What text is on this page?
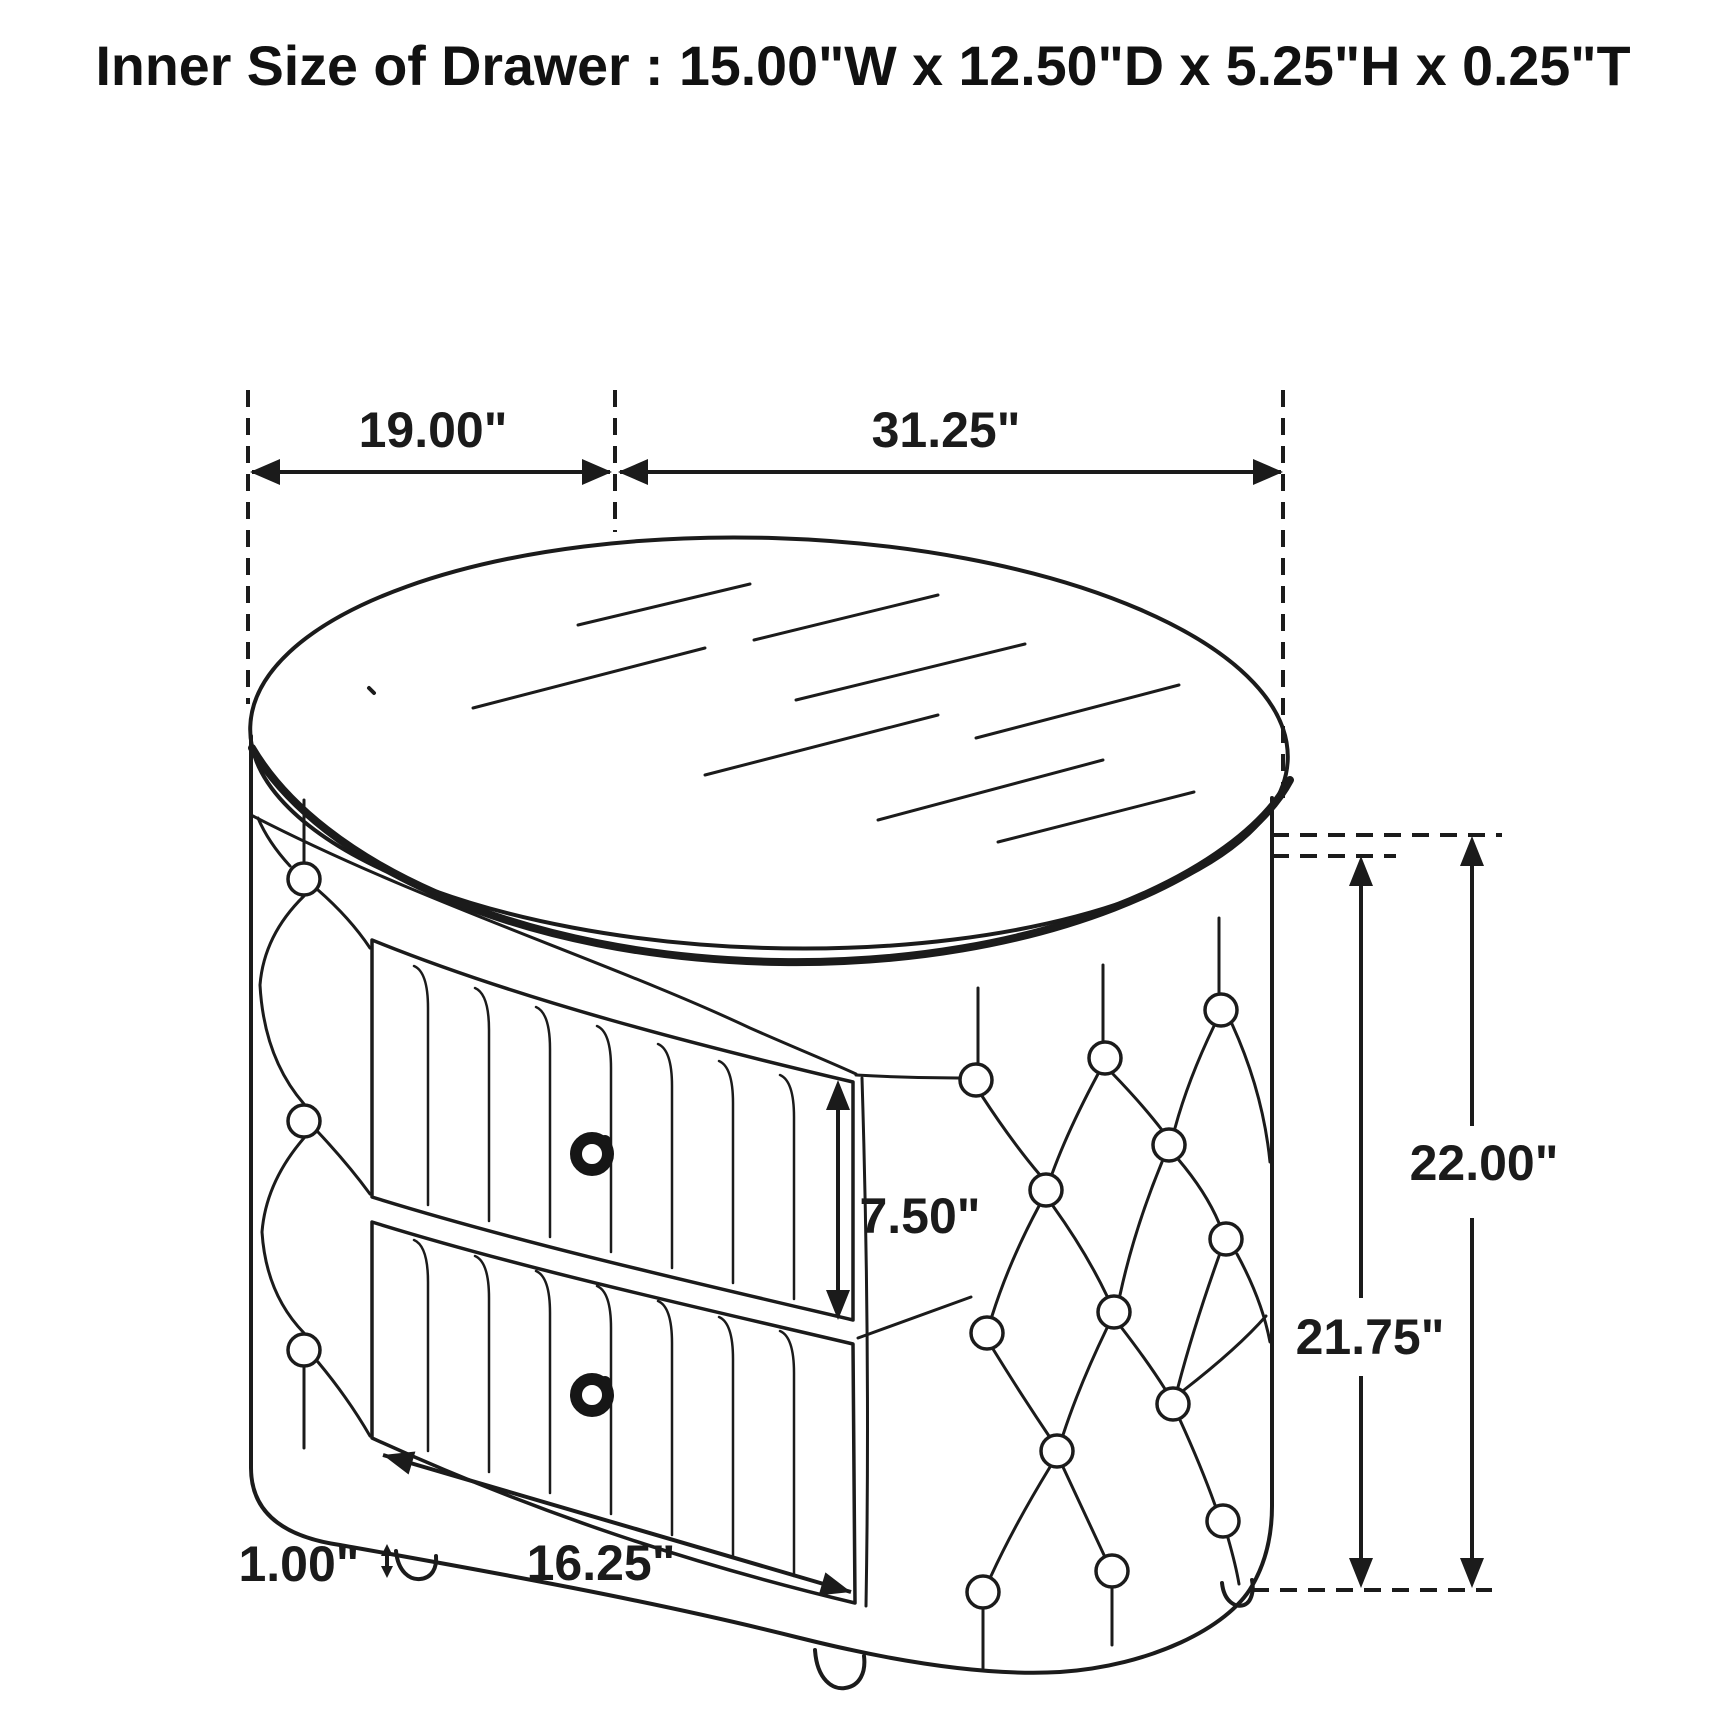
Inner Size of Drawer : 15.00"W x 12.50"D x 5.25"H x 0.25"T
19.00"	31.25"
22.00"
21.75"
7.50"
16.25"
1.00"
